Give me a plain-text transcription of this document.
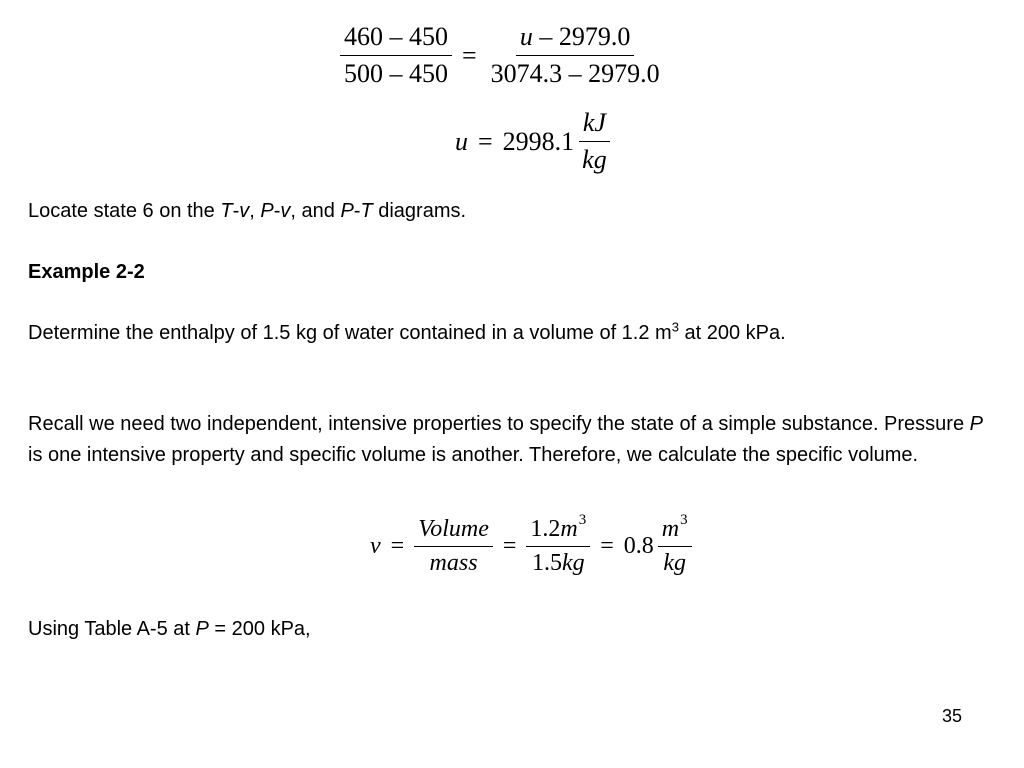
$\frac{460 - 450}{500 - 450} = \frac{u - 2979.0}{3074.3 - 2979.0}$
$u = 2998.1 \frac{kJ}{kg}$

Locate state 6 on the T-v, P-v, and P-T diagrams.

Example 2-2

Determine the enthalpy of 1.5 kg of water contained in a volume of 1.2 $m^3$ at 200 kPa.

Recall we need two independent, intensive properties to specify the state of a simple substance. Pressure P is one intensive property and specific volume is another. Therefore, we calculate the specific volume.

$v = \frac{\text{Volume}}{\text{mass}} = \frac{1.2m^3}{1.5kg} = 0.8 \frac{m^3}{kg}$

Using Table A-5 at P = 200 kPa,

35
